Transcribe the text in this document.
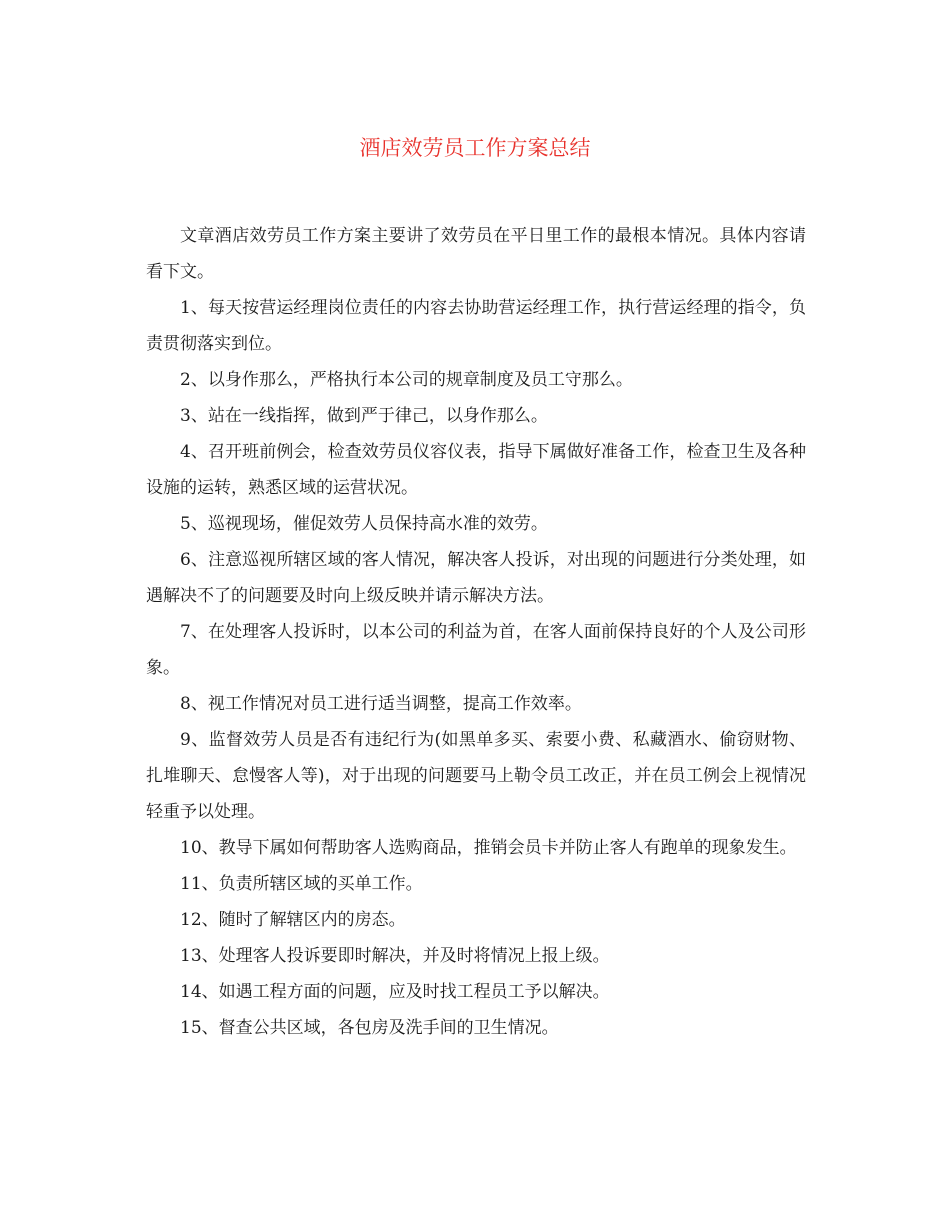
酒店效劳员工作方案总结

文章酒店效劳员工作方案主要讲了效劳员在平日里工作的最根本情况。具体内容请看下文。

1、每天按营运经理岗位责任的内容去协助营运经理工作，执行营运经理的指令，负责贯彻落实到位。

2、以身作那么，严格执行本公司的规章制度及员工守那么。

3、站在一线指挥，做到严于律己，以身作那么。

4、召开班前例会，检查效劳员仪容仪表，指导下属做好准备工作，检查卫生及各种设施的运转，熟悉区域的运营状况。

5、巡视现场，催促效劳人员保持高水准的效劳。

6、注意巡视所辖区域的客人情况，解决客人投诉，对出现的问题进行分类处理，如遇解决不了的问题要及时向上级反映并请示解决方法。

7、在处理客人投诉时，以本公司的利益为首，在客人面前保持良好的个人及公司形象。

8、视工作情况对员工进行适当调整，提高工作效率。

9、监督效劳人员是否有违纪行为(如黑单多买、索要小费、私藏酒水、偷窃财物、扎堆聊天、怠慢客人等)，对于出现的问题要马上勒令员工改正，并在员工例会上视情况轻重予以处理。

10、教导下属如何帮助客人选购商品，推销会员卡并防止客人有跑单的现象发生。

11、负责所辖区域的买单工作。

12、随时了解辖区内的房态。

13、处理客人投诉要即时解决，并及时将情况上报上级。

14、如遇工程方面的问题，应及时找工程员工予以解决。

15、督查公共区域，各包房及洗手间的卫生情况。
